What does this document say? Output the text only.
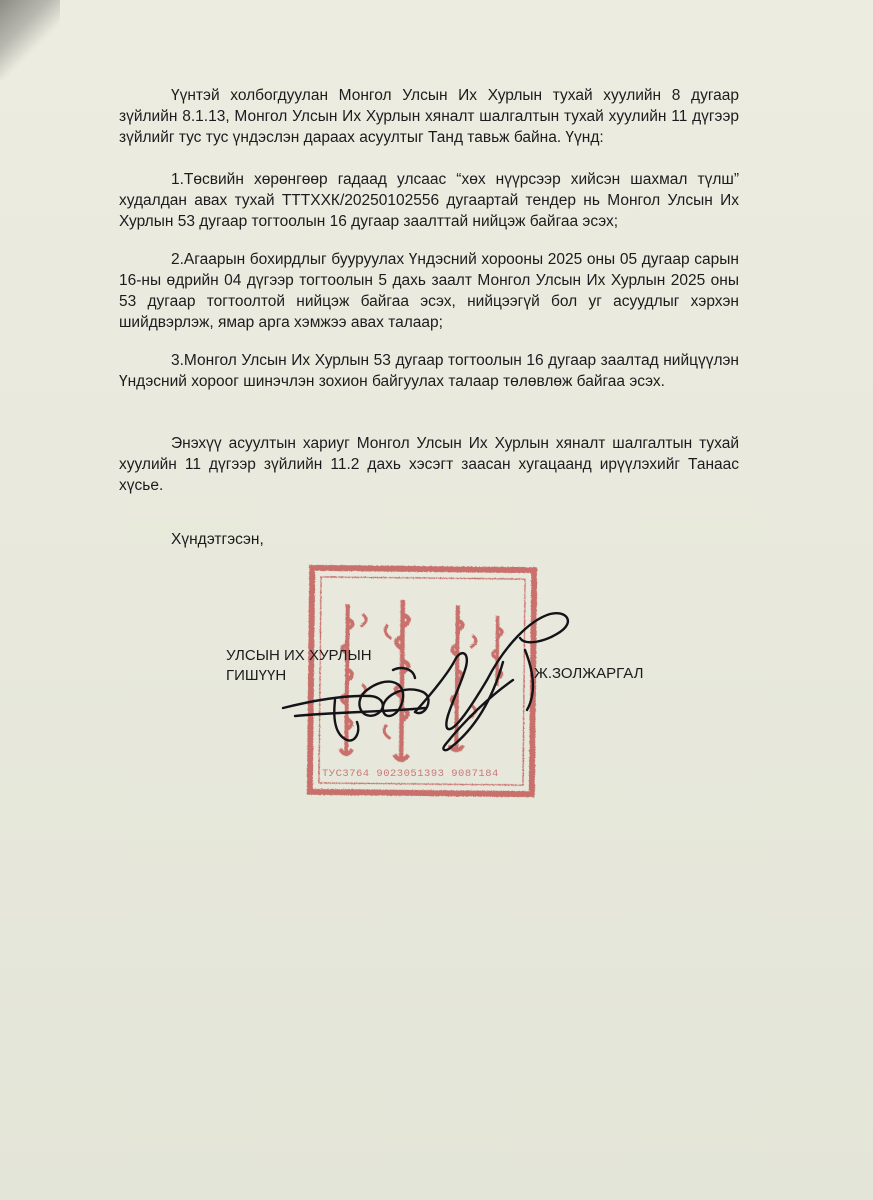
Үүнтэй холбогдуулан Монгол Улсын Их Хурлын тухай хуулийн 8 дугаар зүйлийн 8.1.13, Монгол Улсын Их Хурлын хяналт шалгалтын тухай хуулийн 11 дүгээр зүйлийг тус тус үндэслэн дараах асуултыг Танд тавьж байна. Үүнд:

1.Төсвийн хөрөнгөөр гадаад улсаас “хөх нүүрсээр хийсэн шахмал түлш” худалдан авах тухай ТТТХХК/20250102556 дугаартай тендер нь Монгол Улсын Их Хурлын 53 дугаар тогтоолын 16 дугаар заалттай нийцэж байгаа эсэх;

2.Агаарын бохирдлыг бууруулах Үндэсний хорооны 2025 оны 05 дугаар сарын 16-ны өдрийн 04 дүгээр тогтоолын 5 дахь заалт Монгол Улсын Их Хурлын 2025 оны 53 дугаар тогтоолтой нийцэж байгаа эсэх, нийцээгүй бол уг асуудлыг хэрхэн шийдвэрлэж, ямар арга хэмжээ авах талаар;

3.Монгол Улсын Их Хурлын 53 дугаар тогтоолын 16 дугаар заалтад нийцүүлэн Үндэсний хороог шинэчлэн зохион байгуулах талаар төлөвлөж байгаа эсэх.

Энэхүү асуултын хариуг Монгол Улсын Их Хурлын хяналт шалгалтын тухай хуулийн 11 дүгээр зүйлийн 11.2 дахь хэсэгт заасан хугацаанд ирүүлэхийг Танаас хүсье.

Хүндэтгэсэн,

ТУС3764 9023051393 9087184

УЛСЫН ИХ ХУРЛЫН
ГИШҮҮН	Ж.ЗОЛЖАРГАЛ
